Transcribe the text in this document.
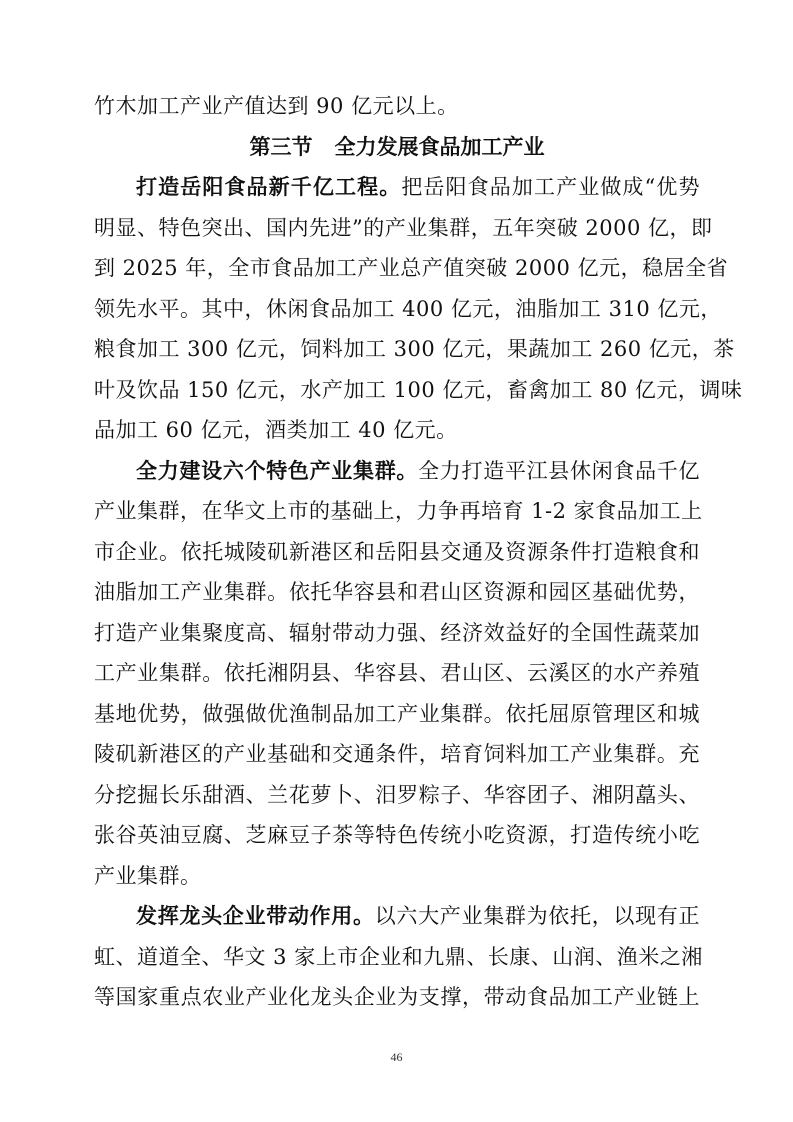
竹木加工产业产值达到 90 亿元以上。
第三节   全力发展食品加工产业
打造岳阳食品新千亿工程。把岳阳食品加工产业做成“优势
明显、特色突出、国内先进”的产业集群，五年突破 2000 亿，即
到 2025 年，全市食品加工产业总产值突破 2000 亿元，稳居全省
领先水平。其中，休闲食品加工 400 亿元，油脂加工 310 亿元，
粮食加工 300 亿元，饲料加工 300 亿元，果蔬加工 260 亿元，茶
叶及饮品 150 亿元，水产加工 100 亿元，畜禽加工 80 亿元，调味
品加工 60 亿元，酒类加工 40 亿元。
全力建设六个特色产业集群。全力打造平江县休闲食品千亿
产业集群，在华文上市的基础上，力争再培育 1-2 家食品加工上
市企业。依托城陵矶新港区和岳阳县交通及资源条件打造粮食和
油脂加工产业集群。依托华容县和君山区资源和园区基础优势，
打造产业集聚度高、辐射带动力强、经济效益好的全国性蔬菜加
工产业集群。依托湘阴县、华容县、君山区、云溪区的水产养殖
基地优势，做强做优渔制品加工产业集群。依托屈原管理区和城
陵矶新港区的产业基础和交通条件，培育饲料加工产业集群。充
分挖掘长乐甜酒、兰花萝卜、汨罗粽子、华容团子、湘阴藠头、
张谷英油豆腐、芝麻豆子茶等特色传统小吃资源，打造传统小吃
产业集群。
发挥龙头企业带动作用。以六大产业集群为依托，以现有正
虹、道道全、华文 3 家上市企业和九鼎、长康、山润、渔米之湘
等国家重点农业产业化龙头企业为支撑，带动食品加工产业链上
46
